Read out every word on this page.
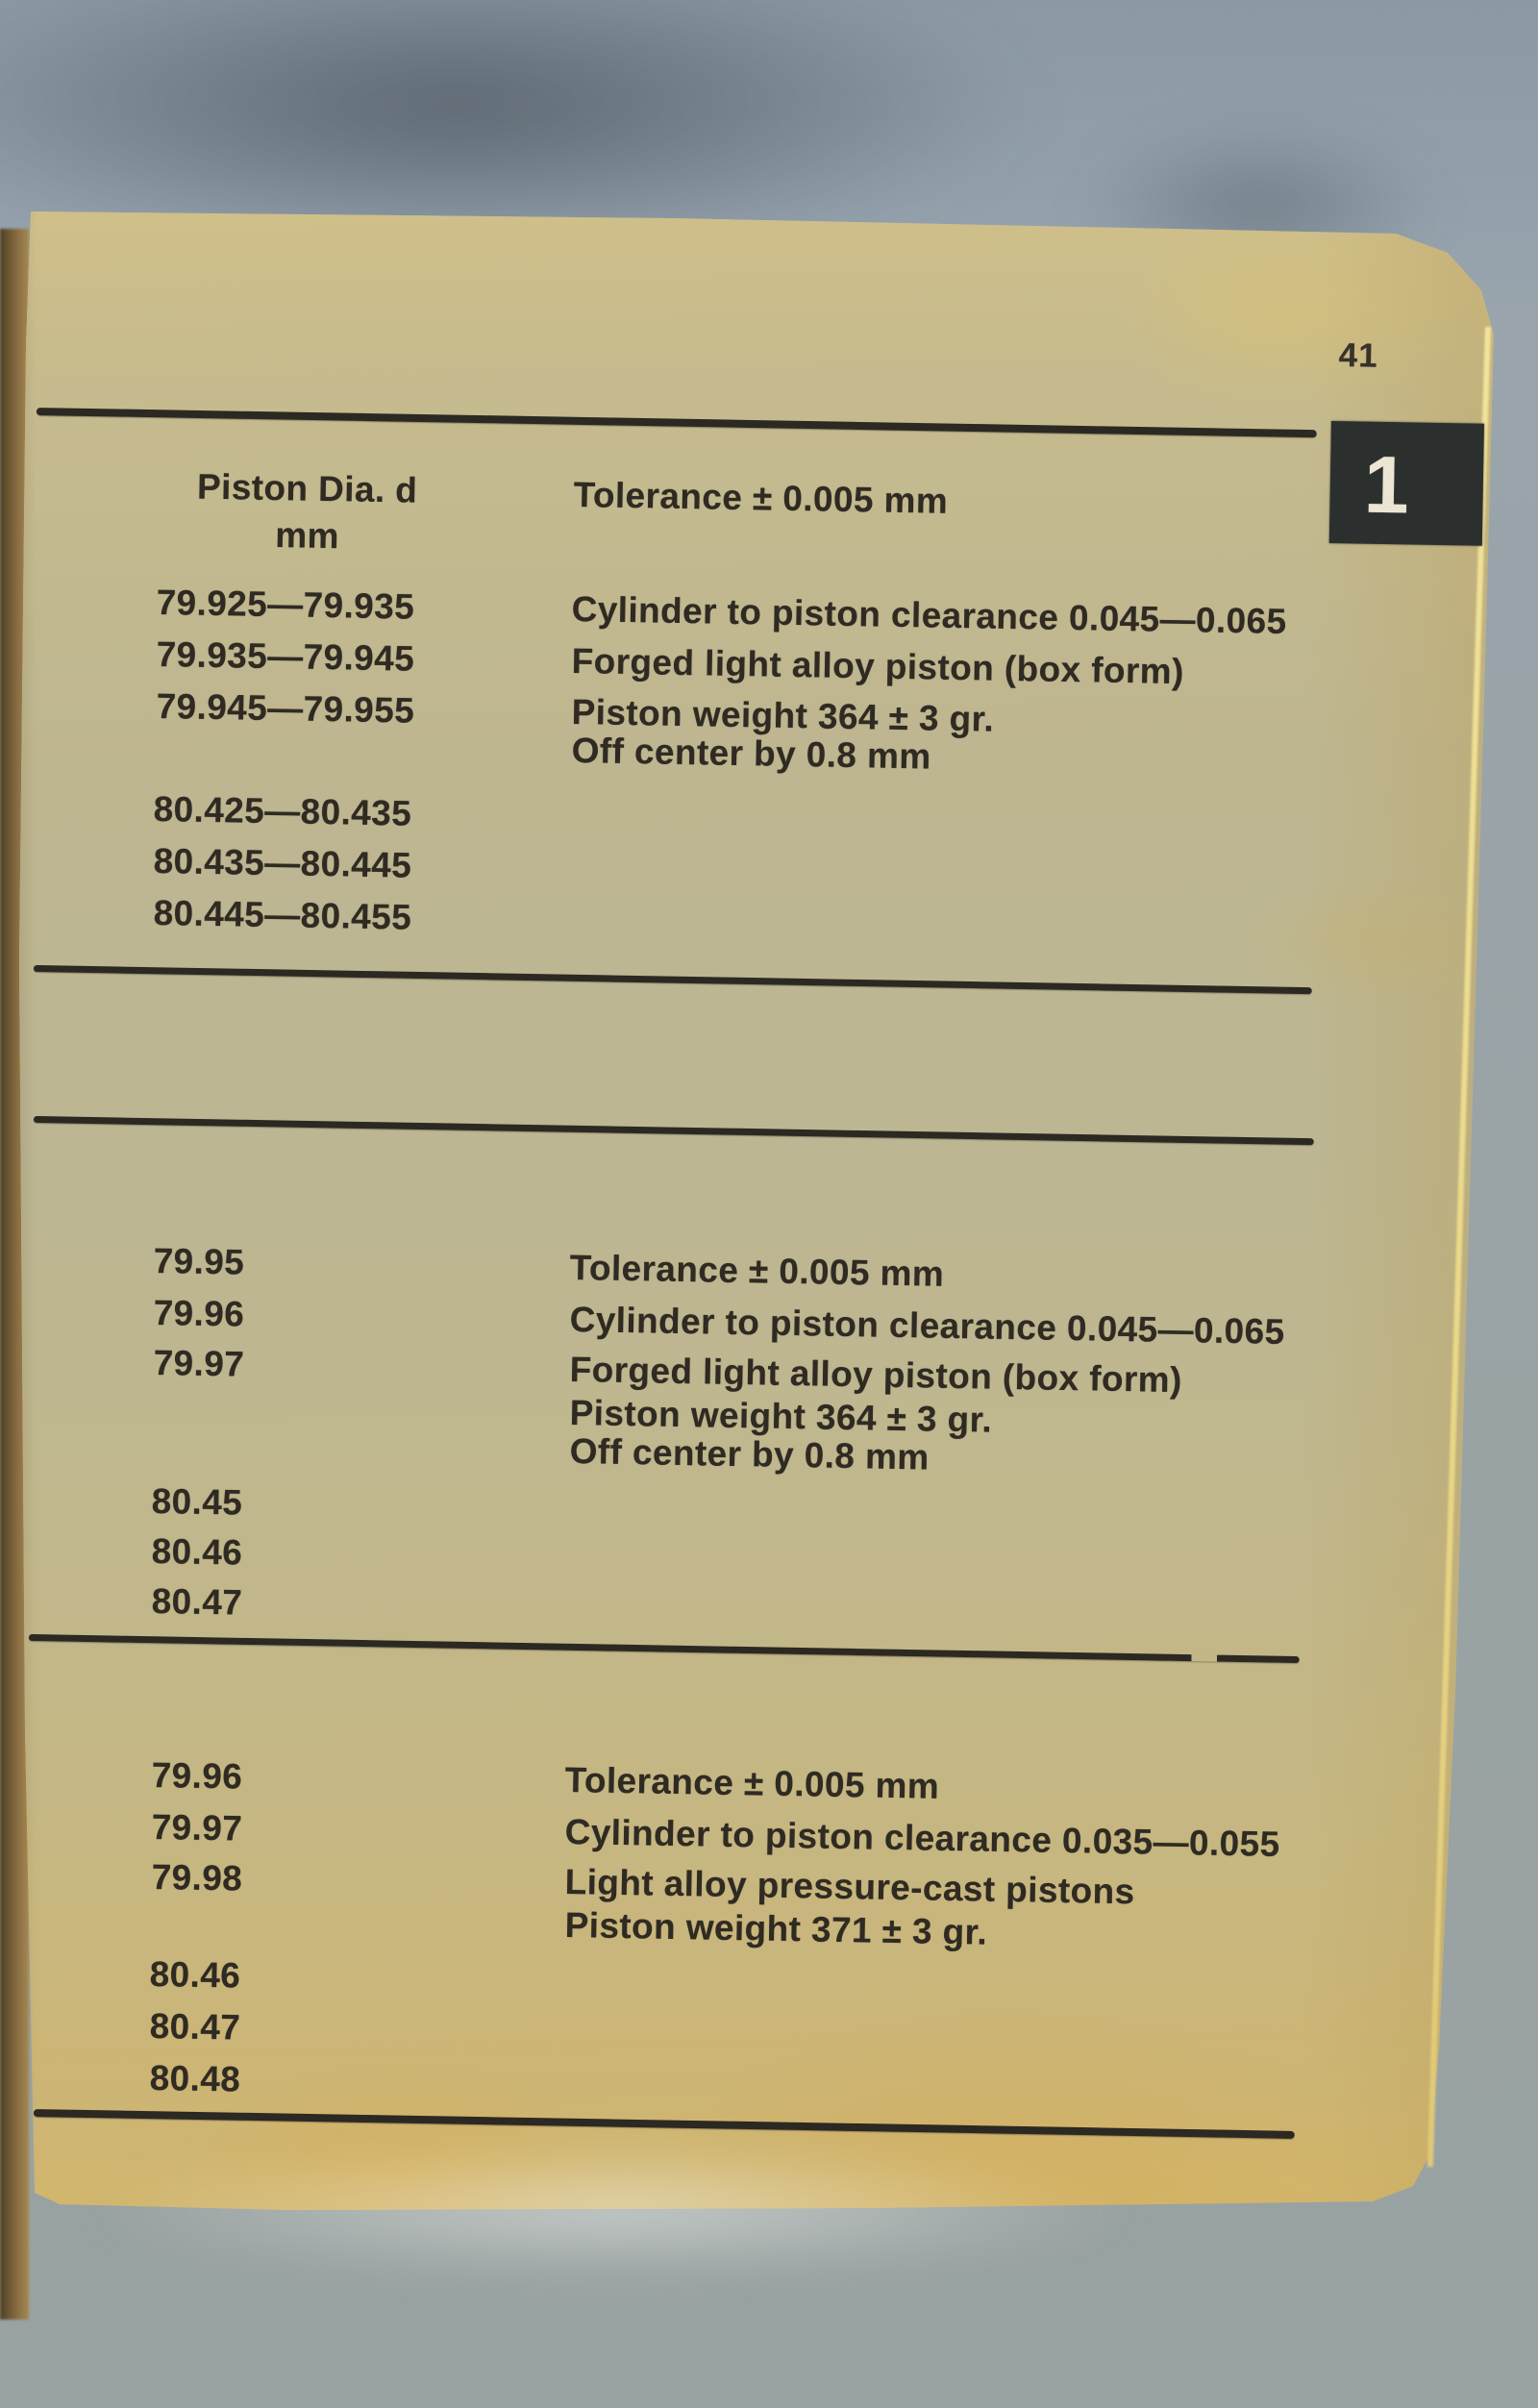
41
1
Piston Dia. d
mm
Tolerance ± 0.005 mm
79.925—79.935
79.935—79.945
79.945—79.955
80.425—80.435
80.435—80.445
80.445—80.455
Cylinder to piston clearance 0.045—0.065
Forged light alloy piston (box form)
Piston weight 364 ± 3 gr.
Off center by 0.8 mm
79.95
79.96
79.97
80.45
80.46
80.47
Tolerance ± 0.005 mm
Cylinder to piston clearance 0.045—0.065
Forged light alloy piston (box form)
Piston weight 364 ± 3 gr.
Off center by 0.8 mm
79.96
79.97
79.98
80.46
80.47
80.48
Tolerance ± 0.005 mm
Cylinder to piston clearance 0.035—0.055
Light alloy pressure-cast pistons
Piston weight 371 ± 3 gr.
